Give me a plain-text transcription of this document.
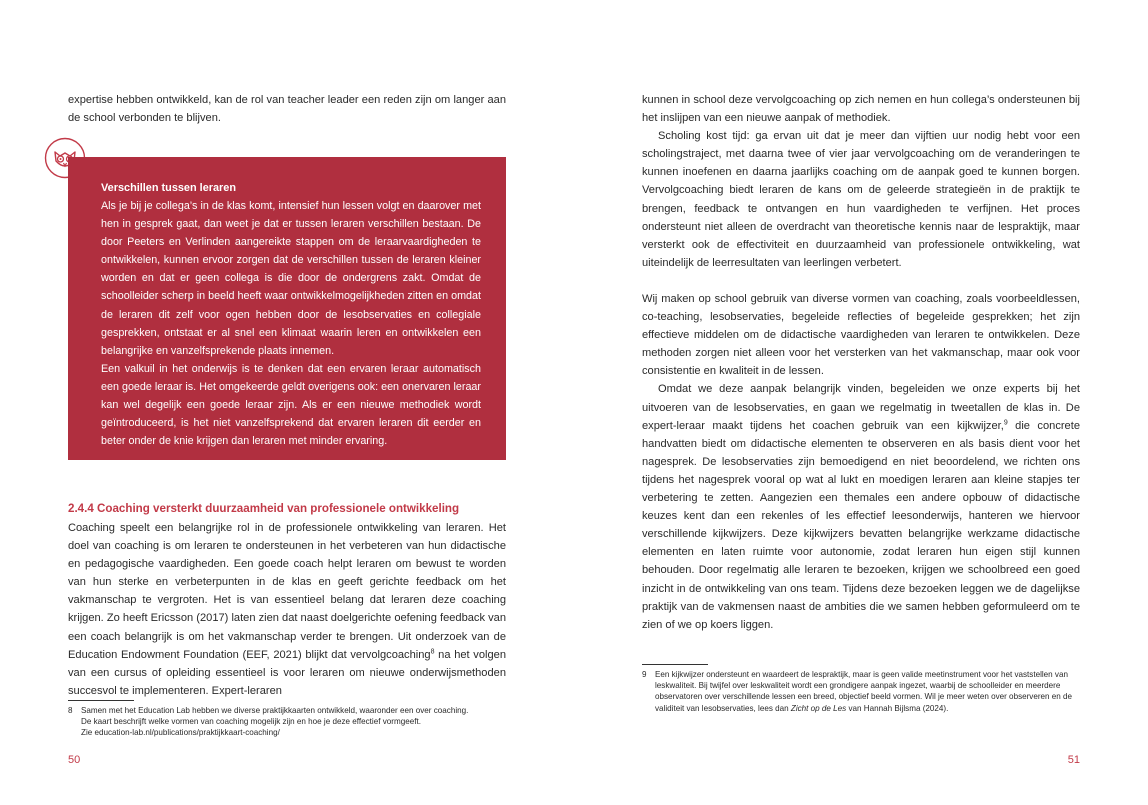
expertise hebben ontwikkeld, kan de rol van teacher leader een reden zijn om langer aan de school verbonden te blijven.

Verschillen tussen leraren

Als je bij je collega’s in de klas komt, intensief hun lessen volgt en daarover met hen in gesprek gaat, dan weet je dat er tussen leraren verschillen bestaan. De door Peeters en Verlinden aangereikte stappen om de leraarvaardigheden te ontwikkelen, kunnen ervoor zorgen dat de verschillen tussen de leraren kleiner worden en dat er geen collega is die door de ondergrens zakt. Omdat de schoolleider scherp in beeld heeft waar ontwikkelmogelijkheden zitten en omdat de leraren dit zelf voor ogen hebben door de lesobservaties en collegiale gesprekken, ontstaat er al snel een klimaat waarin leren en ontwikkelen een belangrijke en vanzelfsprekende plaats innemen.

Een valkuil in het onderwijs is te denken dat een ervaren leraar automatisch een goede leraar is. Het omgekeerde geldt overigens ook: een onervaren leraar kan wel degelijk een goede leraar zijn. Als er een nieuwe methodiek wordt geïntroduceerd, is het niet vanzelfsprekend dat ervaren leraren dit eerder en beter onder de knie krijgen dan leraren met minder ervaring.

2.4.4 Coaching versterkt duurzaamheid van professionele ontwikkeling

Coaching speelt een belangrijke rol in de professionele ontwikkeling van leraren. Het doel van coaching is om leraren te ondersteunen in het verbeteren van hun didactische en pedagogische vaardigheden. Een goede coach helpt leraren om bewust te worden van hun sterke en verbeterpunten in de klas en geeft gerichte feedback om het vakmanschap te vergroten. Het is van essentieel belang dat leraren deze coaching krijgen. Zo heeft Ericsson (2017) laten zien dat naast doelgerichte oefening feedback van een coach belangrijk is om het vakmanschap verder te brengen. Uit onderzoek van de Education Endowment Foundation (EEF, 2021) blijkt dat vervolgcoaching$^8$ na het volgen van een cursus of opleiding essentieel is voor leraren om nieuwe onderwijsmethoden succesvol te implementeren. Expert-leraren

8	Samen met het Education Lab hebben we diverse praktijkkaarten ontwikkeld, waaronder een over coaching.
De kaart beschrijft welke vormen van coaching mogelijk zijn en hoe je deze effectief vormgeeft.
Zie education-lab.nl/publications/praktijkkaart-coaching/
50

kunnen in school deze vervolgcoaching op zich nemen en hun collega’s ondersteunen bij het inslijpen van een nieuwe aanpak of methodiek.

Scholing kost tijd: ga ervan uit dat je meer dan vijftien uur nodig hebt voor een scholingstraject, met daarna twee of vier jaar vervolgcoaching om de veranderingen te kunnen inoefenen en daarna jaarlijks coaching om de aanpak goed te kunnen borgen. Vervolgcoaching biedt leraren de kans om de geleerde strategieën in de praktijk te brengen, feedback te ontvangen en hun vaardigheden te verfijnen. Het proces ondersteunt niet alleen de overdracht van theoretische kennis naar de lespraktijk, maar versterkt ook de effectiviteit en duurzaamheid van professionele ontwikkeling, wat uiteindelijk de leerresultaten van leerlingen verbetert.

Wij maken op school gebruik van diverse vormen van coaching, zoals voorbeeldlessen, co-teaching, lesobservaties, begeleide reflecties of begeleide gesprekken; het zijn effectieve middelen om de didactische vaardigheden van leraren te ontwikkelen. Deze methoden zorgen niet alleen voor het versterken van het vakmanschap, maar ook voor consistentie en kwaliteit in de lessen.

Omdat we deze aanpak belangrijk vinden, begeleiden we onze experts bij het uitvoeren van de lesobservaties, en gaan we regelmatig in tweetallen de klas in. De expert-leraar maakt tijdens het coachen gebruik van een kijkwijzer,$^9$ die concrete handvatten biedt om didactische elementen te observeren en als basis dient voor het nagesprek. De lesobservaties zijn bemoedigend en niet beoordelend, we richten ons tijdens het nagesprek vooral op wat al lukt en moedigen leraren aan kleine stapjes ter verbetering te zetten. Aangezien een themales een andere opbouw of didactische keuzes kent dan een rekenles of les effectief leesonderwijs, hanteren we hiervoor verschillende kijkwijzers. Deze kijkwijzers bevatten belangrijke werkzame didactische elementen en laten ruimte voor autonomie, zodat leraren hun eigen stijl kunnen behouden. Door regelmatig alle leraren te bezoeken, krijgen we schoolbreed een goed inzicht in de ontwikkeling van ons team. Tijdens deze bezoeken leggen we de dagelijkse praktijk van de vakmensen naast de ambities die we samen hebben geformuleerd om te zien of we op koers liggen.

9	Een kijkwijzer ondersteunt en waardeert de lespraktijk, maar is geen valide meetinstrument voor het vaststellen van leskwaliteit. Bij twijfel over leskwaliteit wordt een grondigere aanpak ingezet, waarbij de schoolleider en meerdere observatoren over verschillende lessen een breed, objectief beeld vormen. Wil je meer weten over observeren en de validiteit van lesobservaties, lees dan Zicht op de Les van Hannah Bijlsma (2024).
51
